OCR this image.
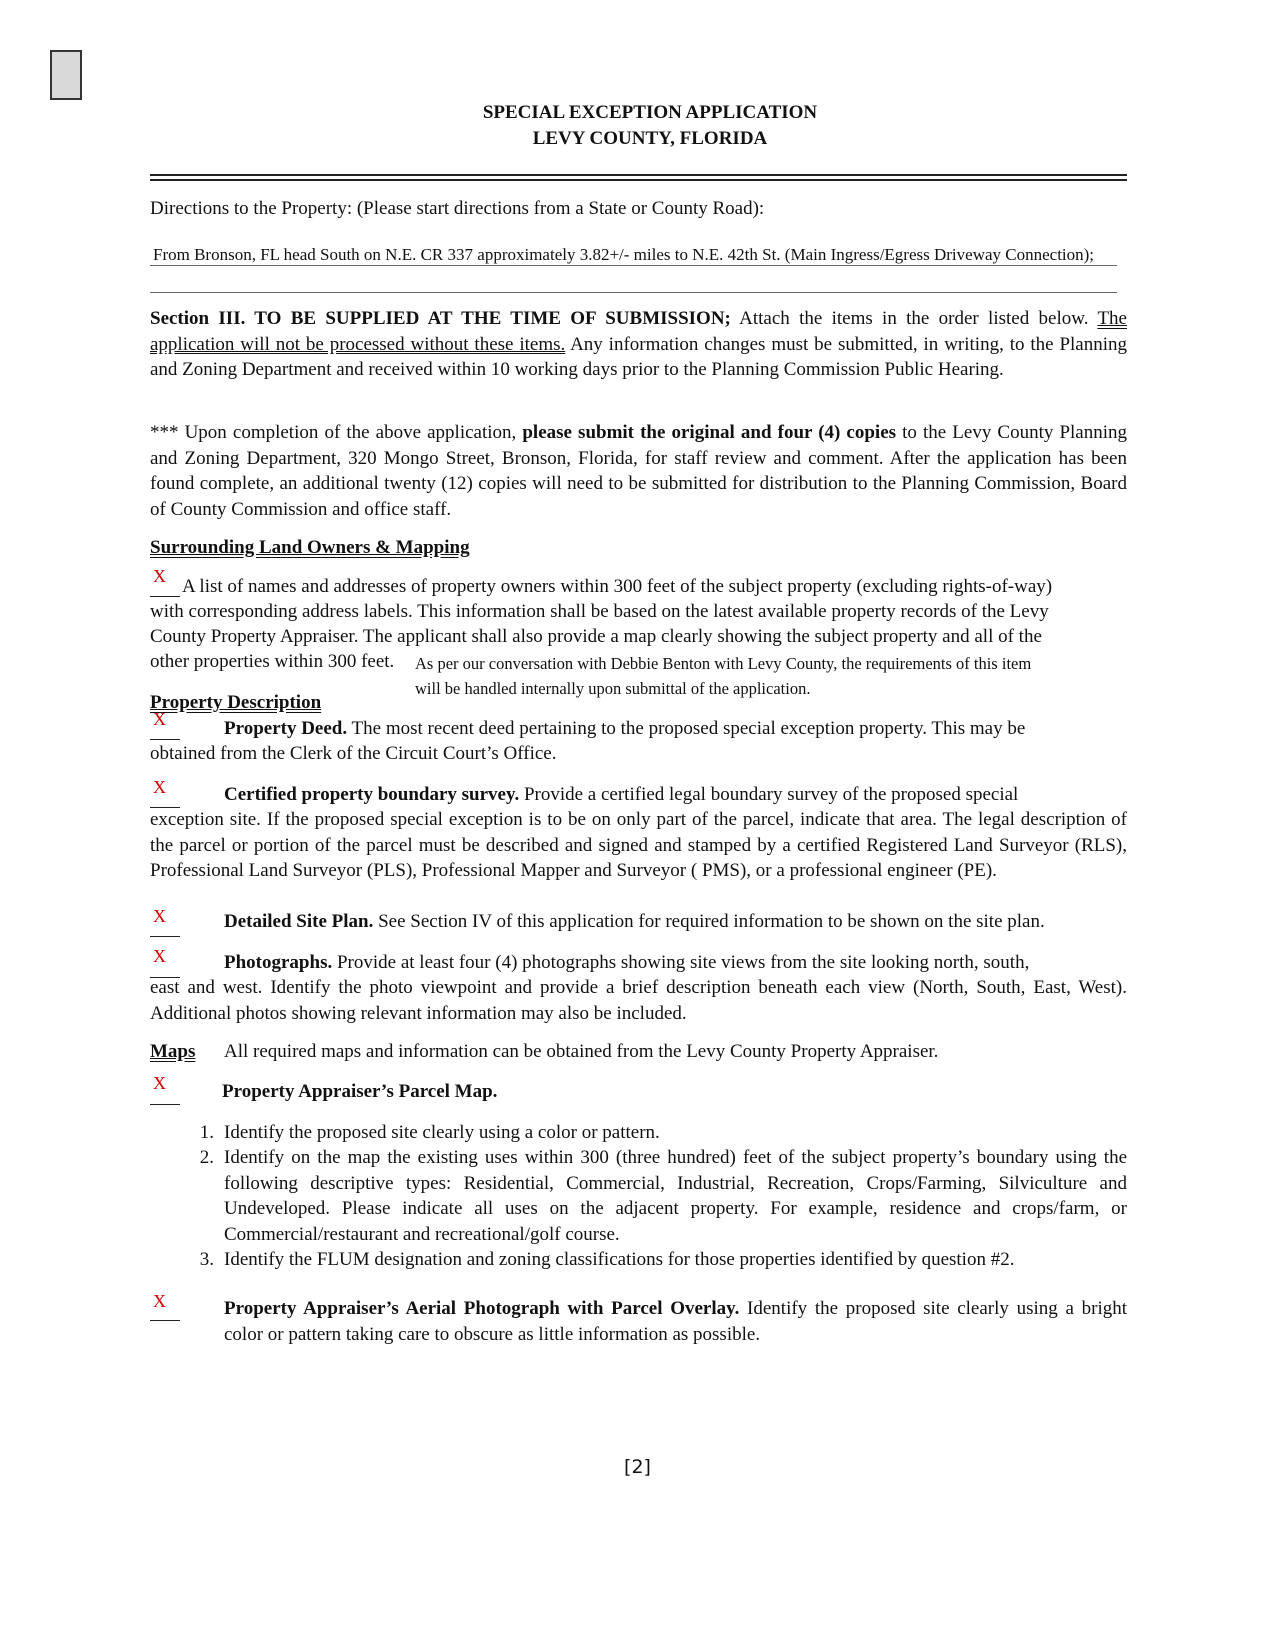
SPECIAL EXCEPTION APPLICATION
LEVY COUNTY, FLORIDA
Directions to the Property: (Please start directions from a State or County Road):
From Bronson, FL head South on N.E. CR 337 approximately 3.82+/- miles to N.E. 42th St. (Main Ingress/Egress Driveway Connection);
Section III. TO BE SUPPLIED AT THE TIME OF SUBMISSION; Attach the items in the order listed below. The application will not be processed without these items. Any information changes must be submitted, in writing, to the Planning and Zoning Department and received within 10 working days prior to the Planning Commission Public Hearing.
*** Upon completion of the above application, please submit the original and four (4) copies to the Levy County Planning and Zoning Department, 320 Mongo Street, Bronson, Florida, for staff review and comment. After the application has been found complete, an additional twenty (12) copies will need to be submitted for distribution to the Planning Commission, Board of County Commission and office staff.
Surrounding Land Owners & Mapping
X A list of names and addresses of property owners within 300 feet of the subject property (excluding rights-of-way)
with corresponding address labels. This information shall be based on the latest available property records of the Levy
County Property Appraiser. The applicant shall also provide a map clearly showing the subject property and all of the
other properties within 300 feet. As per our conversation with Debbie Benton with Levy County, the requirements of this item
will be handled internally upon submittal of the application.
Property Description
X	Property Deed. The most recent deed pertaining to the proposed special exception property. This may be
obtained from the Clerk of the Circuit Court’s Office.
X	Certified property boundary survey. Provide a certified legal boundary survey of the proposed special
exception site. If the proposed special exception is to be on only part of the parcel, indicate that area. The legal description of the parcel or portion of the parcel must be described and signed and stamped by a certified Registered Land Surveyor (RLS), Professional Land Surveyor (PLS), Professional Mapper and Surveyor ( PMS), or a professional engineer (PE).
X	Detailed Site Plan. See Section IV of this application for required information to be shown on the site plan.
X	Photographs. Provide at least four (4) photographs showing site views from the site looking north, south,
east and west. Identify the photo viewpoint and provide a brief description beneath each view (North, South, East, West). Additional photos showing relevant information may also be included.
Maps All required maps and information can be obtained from the Levy County Property Appraiser.
X	Property Appraiser’s Parcel Map.
1. Identify the proposed site clearly using a color or pattern.
2. Identify on the map the existing uses within 300 (three hundred) feet of the subject property’s boundary using the following descriptive types: Residential, Commercial, Industrial, Recreation, Crops/Farming, Silviculture and Undeveloped. Please indicate all uses on the adjacent property. For example, residence and crops/farm, or Commercial/restaurant and recreational/golf course.
3. Identify the FLUM designation and zoning classifications for those properties identified by question #2.
X	Property Appraiser’s Aerial Photograph with Parcel Overlay. Identify the proposed site clearly using a bright color or pattern taking care to obscure as little information as possible.
[2]
